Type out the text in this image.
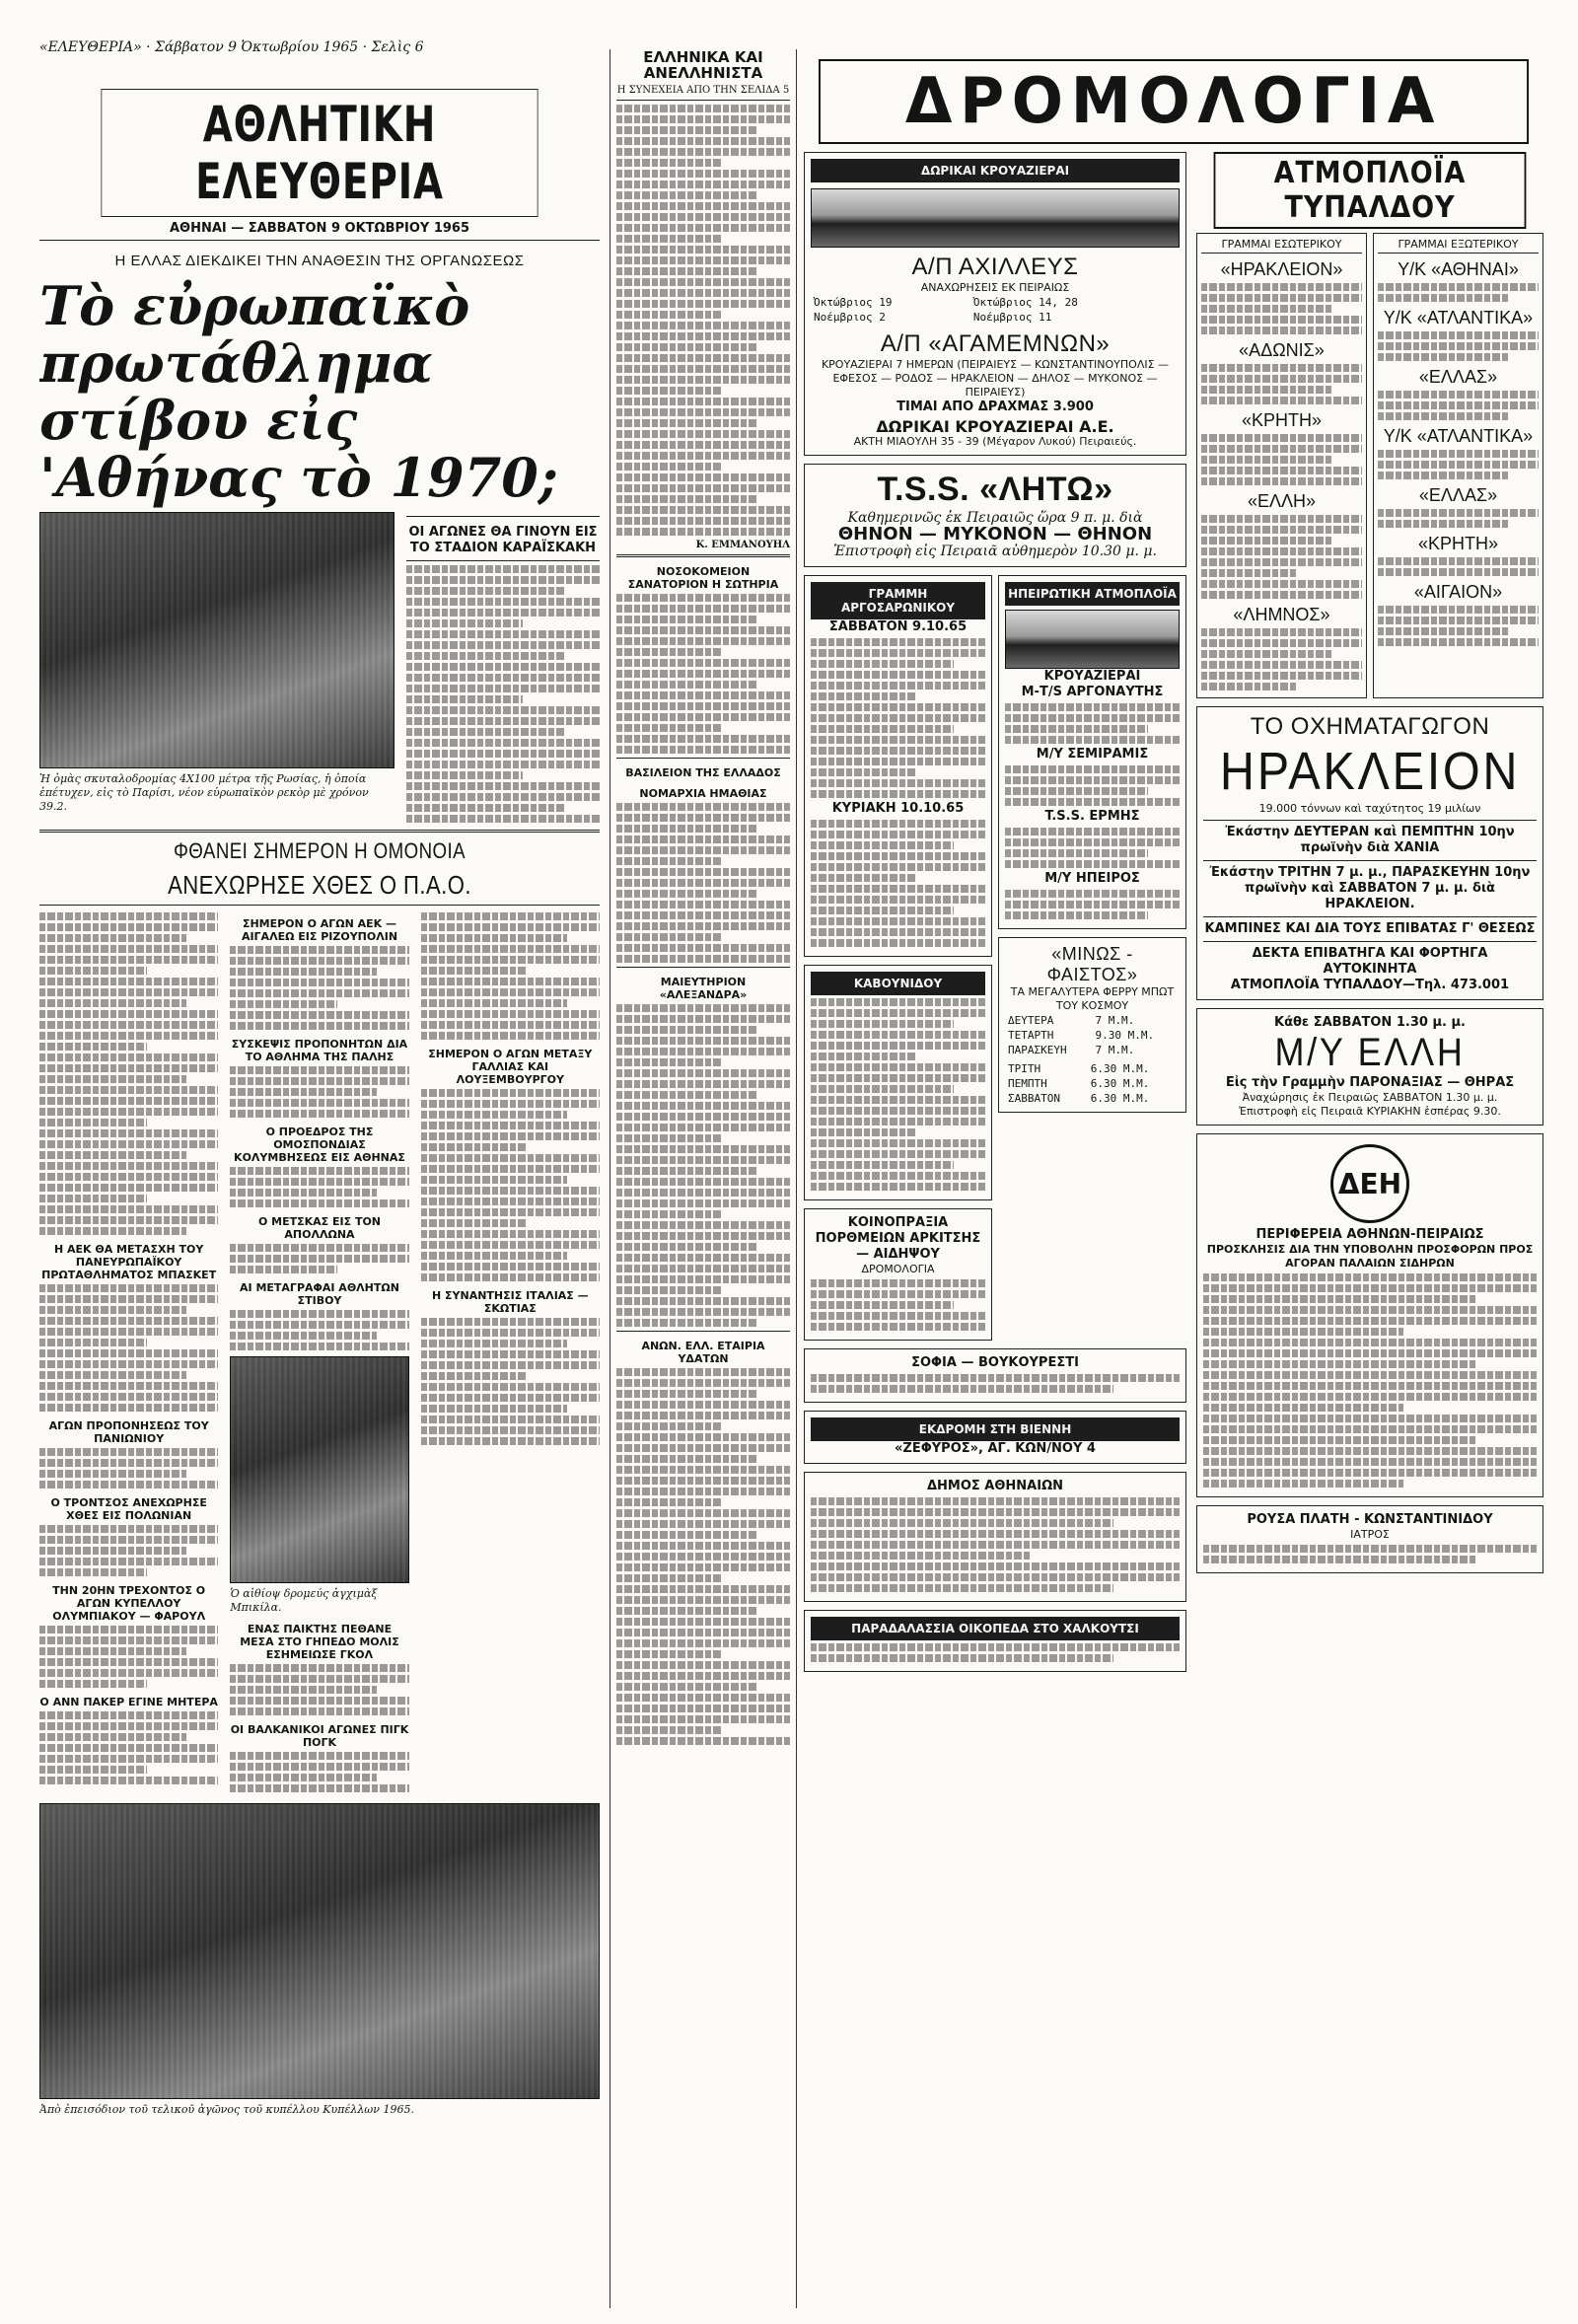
«ΕΛΕΥΘΕΡΙΑ» · Σάββατον 9 Ὀκτωβρίου 1965 · Σελὶς 6
ΑΘΛΗΤΙΚΗ ΕΛΕΥΘΕΡΙΑ
ΑΘΗΝΑΙ — ΣΑΒΒΑΤΟΝ 9 ΟΚΤΩΒΡΙΟΥ 1965
Η ΕΛΛΑΣ ΔΙΕΚΔΙΚΕΙ ΤΗΝ ΑΝΑΘΕΣΙΝ ΤΗΣ ΟΡΓΑΝΩΣΕΩΣ
Τὸ εὐρωπαϊκὸ πρωτάθλημα
στίβου εἰς 'Αθήνας τὸ 1970;
Ἡ ὁμὰς σκυταλοδρομίας 4Χ100 μέτρα τῆς Ρωσίας, ἡ ὁποία ἐπέτυχεν, εἰς τὸ Παρίσι, νέον εὐρωπαϊκὸν ρεκὸρ μὲ χρόνον 39.2.
ΟΙ ΑΓΩΝΕΣ ΘΑ ΓΙΝΟΥΝ ΕΙΣ ΤΟ ΣΤΑΔΙΟΝ ΚΑΡΑΪΣΚΑΚΗ
ΦΘΑΝΕΙ ΣΗΜΕΡΟΝ Η ΟΜΟΝΟΙΑ
ΑΝΕΧΩΡΗΣΕ ΧΘΕΣ Ο Π.Α.Ο.
Η ΑΕΚ ΘΑ ΜΕΤΑΣΧΗ ΤΟΥ ΠΑΝΕΥΡΩΠΑΪΚΟΥ ΠΡΩΤΑΘΛΗΜΑΤΟΣ ΜΠΑΣΚΕΤ
ΑΓΩΝ ΠΡΟΠΟΝΗΣΕΩΣ ΤΟΥ ΠΑΝΙΩΝΙΟΥ
Ο ΤΡΟΝΤΣΟΣ ΑΝΕΧΩΡΗΣΕ ΧΘΕΣ ΕΙΣ ΠΟΛΩΝΙΑΝ
ΤΗΝ 20ΗΝ ΤΡΕΧΟΝΤΟΣ Ο ΑΓΩΝ ΚΥΠΕΛΛΟΥ ΟΛΥΜΠΙΑΚΟΥ — ΦΑΡΟΥΛ
Ο ΑΝΝ ΠΑΚΕΡ ΕΓΙΝΕ ΜΗΤΕΡΑ
ΣΗΜΕΡΟΝ Ο ΑΓΩΝ ΑΕΚ — ΑΙΓΑΛΕΩ ΕΙΣ ΡΙΖΟΥΠΟΛΙΝ
ΣΥΣΚΕΨΙΣ ΠΡΟΠΟΝΗΤΩΝ ΔΙΑ ΤΟ ΑΘΛΗΜΑ ΤΗΣ ΠΑΛΗΣ
Ο ΠΡΟΕΔΡΟΣ ΤΗΣ ΟΜΟΣΠΟΝΔΙΑΣ ΚΟΛΥΜΒΗΣΕΩΣ ΕΙΣ ΑΘΗΝΑΣ
Ο ΜΕΤΣΚΑΣ ΕΙΣ ΤΟΝ ΑΠΟΛΛΩΝΑ
ΑΙ ΜΕΤΑΓΡΑΦΑΙ ΑΘΛΗΤΩΝ ΣΤΙΒΟΥ
Ὁ αἰθίοψ δρομεύς ἀγχιμὰξ Μπικίλα.
ΕΝΑΣ ΠΑΙΚΤΗΣ ΠΕΘΑΝΕ ΜΕΣΑ ΣΤΟ ΓΗΠΕΔΟ ΜΟΛΙΣ ΕΣΗΜΕΙΩΣΕ ΓΚΟΛ
ΟΙ ΒΑΛΚΑΝΙΚΟΙ ΑΓΩΝΕΣ ΠΙΓΚ ΠΟΓΚ
ΣΗΜΕΡΟΝ Ο ΑΓΩΝ ΜΕΤΑΞΥ ΓΑΛΛΙΑΣ ΚΑΙ ΛΟΥΞΕΜΒΟΥΡΓΟΥ
Η ΣΥΝΑΝΤΗΣΙΣ ΙΤΑΛΙΑΣ — ΣΚΩΤΙΑΣ
Ἀπὸ ἐπεισόδιον τοῦ τελικοῦ ἀγῶνος τοῦ κυπέλλου Κυπέλλων 1965.
ΕΛΛΗΝΙΚΑ ΚΑΙ ΑΝΕΛΛΗΝΙΣΤΑ
Η ΣΥΝΕΧΕΙΑ ΑΠΟ ΤΗΝ ΣΕΛΙΔΑ 5
Κ. ΕΜΜΑΝΟΥΗΛ
ΝΟΣΟΚΟΜΕΙΟΝ ΣΑΝΑΤΟΡΙΟΝ Η ΣΩΤΗΡΙΑ
ΒΑΣΙΛΕΙΟΝ ΤΗΣ ΕΛΛΑΔΟΣ
ΝΟΜΑΡΧΙΑ ΗΜΑΘΙΑΣ
ΜΑΙΕΥΤΗΡΙΟΝ «ΑΛΕΞΑΝΔΡΑ»
ΑΝΩΝ. ΕΛΛ. ΕΤΑΙΡΙΑ ΥΔΑΤΩΝ
ΔΡΟΜΟΛΟΓΙΑ
ΔΩΡΙΚΑΙ ΚΡΟΥΑΖΙΕΡΑΙ
Α/Π ΑΧΙΛΛΕΥΣ
ΑΝΑΧΩΡΗΣΕΙΣ ΕΚ ΠΕΙΡΑΙΩΣ
Ὀκτώβριος 19	Ὀκτώβριος 14, 28
Νοέμβριος 2	Νοέμβριος 11
Α/Π «ΑΓΑΜΕΜΝΩΝ»
ΚΡΟΥΑΖΙΕΡΑΙ 7 ΗΜΕΡΩΝ (ΠΕΙΡΑΙΕΥΣ — ΚΩΝΣΤΑΝΤΙΝΟΥΠΟΛΙΣ — ΕΦΕΣΟΣ — ΡΟΔΟΣ — ΗΡΑΚΛΕΙΟΝ — ΔΗΛΟΣ — ΜΥΚΟΝΟΣ — ΠΕΙΡΑΙΕΥΣ)
ΤΙΜΑΙ ΑΠΟ ΔΡΑΧΜΑΣ 3.900
ΔΩΡΙΚΑΙ ΚΡΟΥΑΖΙΕΡΑΙ Α.Ε.
ΑΚΤΗ ΜΙΑΟΥΛΗ 35 - 39 (Μέγαρον Λυκού) Πειραιεύς.
T.S.S. «ΛΗΤΩ»
Καθημερινῶς ἐκ Πειραιῶς ὥρα 9 π. μ. διὰ
ΘΗΝΟΝ — ΜΥΚΟΝΟΝ — ΘΗΝΟΝ
Ἐπιστροφὴ εἰς Πειραιᾶ αὐθημερὸν 10.30 μ. μ.
ΓΡΑΜΜΗ ΑΡΓΟΣΑΡΩΝΙΚΟΥ
ΣΑΒΒΑΤΟΝ 9.10.65
ΚΥΡΙΑΚΗ 10.10.65
ΚΑΒΟΥΝΙΔΟΥ
ΚΟΙΝΟΠΡΑΞΙΑ ΠΟΡΘΜΕΙΩΝ ΑΡΚΙΤΣΗΣ — ΑΙΔΗΨΟΥ
ΔΡΟΜΟΛΟΓΙΑ
ΗΠΕΙΡΩΤΙΚΗ ΑΤΜΟΠΛΟΪΑ
ΚΡΟΥΑΖΙΕΡΑΙ
Μ-Τ/S ΑΡΓΟΝΑΥΤΗΣ
Μ/Υ ΣΕΜΙΡΑΜΙΣ
T.S.S. ΕΡΜΗΣ
Μ/Υ ΗΠΕΙΡΟΣ
«ΜΙΝΩΣ - ΦΑΙΣΤΟΣ»
ΤΑ ΜΕΓΑΛΥΤΕΡΑ ΦΕΡΡΥ ΜΠΩΤ ΤΟΥ ΚΟΣΜΟΥ
ΔΕΥΤΕΡΑ	7 Μ.Μ.
ΤΕΤΑΡΤΗ	9.30 Μ.Μ.
ΠΑΡΑΣΚΕΥΗ	7 Μ.Μ.
ΤΡΙΤΗ	6.30 Μ.Μ.
ΠΕΜΠΤΗ	6.30 Μ.Μ.
ΣΑΒΒΑΤΟΝ	6.30 Μ.Μ.
ΣΟΦΙΑ — ΒΟΥΚΟΥΡΕΣΤΙ
ΕΚΔΡΟΜΗ ΣΤΗ ΒΙΕΝΝΗ
«ΖΕΦΥΡΟΣ», ΑΓ. ΚΩΝ/ΝΟΥ 4
ΔΗΜΟΣ ΑΘΗΝΑΙΩΝ
ΠΑΡΑΔΑΛΑΣΣΙΑ ΟΙΚΟΠΕΔΑ ΣΤΟ ΧΑΛΚΟΥΤΣΙ
ΑΤΜΟΠΛΟΪΑ ΤΥΠΑΛΔΟΥ
ΓΡΑΜΜΑΙ ΕΣΩΤΕΡΙΚΟΥ
«ΗΡΑΚΛΕΙΟΝ»
«ΑΔΩΝΙΣ»
«ΚΡΗΤΗ»
«ΕΛΛΗ»
«ΛΗΜΝΟΣ»
ΓΡΑΜΜΑΙ ΕΞΩΤΕΡΙΚΟΥ
Υ/Κ «ΑΘΗΝΑΙ»
Υ/Κ «ΑΤΛΑΝΤΙΚΑ»
«ΕΛΛΑΣ»
Υ/Κ «ΑΤΛΑΝΤΙΚΑ»
«ΕΛΛΑΣ»
«ΚΡΗΤΗ»
«ΑΙΓΑΙΟΝ»
ΤΟ ΟΧΗΜΑΤΑΓΩΓΟΝ
ΗΡΑΚΛΕΙΟΝ
19.000 τόννων καὶ ταχύτητος 19 μιλίων
Ἐκάστην ΔΕΥΤΕΡΑΝ καὶ ΠΕΜΠΤΗΝ 10ην πρωϊνὴν διὰ ΧΑΝΙΑ
Ἐκάστην ΤΡΙΤΗΝ 7 μ. μ., ΠΑΡΑΣΚΕΥΗΝ 10ην πρωϊνὴν καὶ ΣΑΒΒΑΤΟΝ 7 μ. μ. διὰ ΗΡΑΚΛΕΙΟΝ.
ΚΑΜΠΙΝΕΣ ΚΑΙ ΔΙΑ ΤΟΥΣ ΕΠΙΒΑΤΑΣ Γ' ΘΕΣΕΩΣ
ΔΕΚΤΑ ΕΠΙΒΑΤΗΓΑ ΚΑΙ ΦΟΡΤΗΓΑ ΑΥΤΟΚΙΝΗΤΑ
ΑΤΜΟΠΛΟΪΑ ΤΥΠΑΛΔΟΥ—Τηλ. 473.001
Κάθε ΣΑΒΒΑΤΟΝ 1.30 μ. μ.
Μ/Υ ΕΛΛΗ
Εἰς τὴν Γραμμὴν ΠΑΡΟΝΑΞΙΑΣ — ΘΗΡΑΣ
Ἀναχώρησις ἐκ Πειραιῶς ΣΑΒΒΑΤΟΝ 1.30 μ. μ.
Ἐπιστροφὴ εἰς Πειραιᾶ ΚΥΡΙΑΚΗΝ ἑσπέρας 9.30.
ΔΕΗ
ΠΕΡΙΦΕΡΕΙΑ ΑΘΗΝΩΝ-ΠΕΙΡΑΙΩΣ
ΠΡΟΣΚΛΗΣΙΣ ΔΙΑ ΤΗΝ ΥΠΟΒΟΛΗΝ ΠΡΟΣΦΟΡΩΝ ΠΡΟΣ ΑΓΟΡΑΝ ΠΑΛΑΙΩΝ ΣΙΔΗΡΩΝ
ΡΟΥΣΑ ΠΛΑΤΗ - ΚΩΝΣΤΑΝΤΙΝΙΔΟΥ
ΙΑΤΡΟΣ
